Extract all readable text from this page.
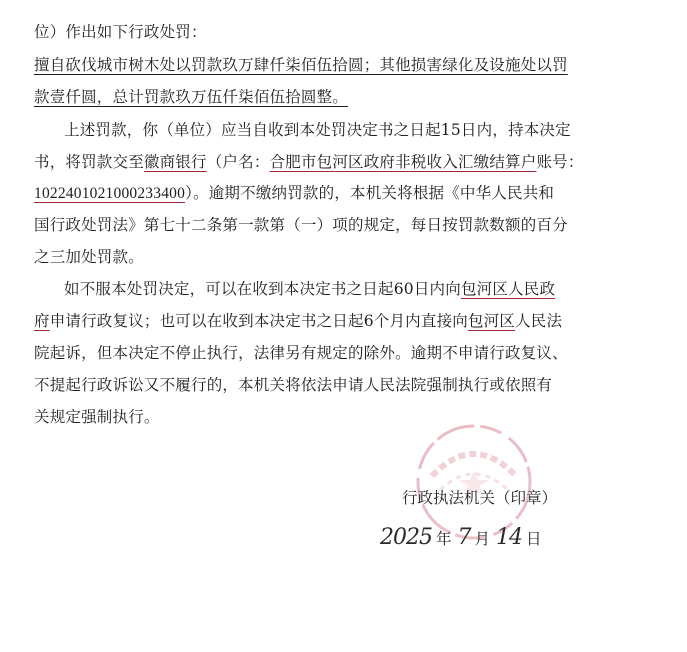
位）作出如下行政处罚：
擅自砍伐城市树木处以罚款玖万肆仟柒佰伍拾圆；其他损害绿化及设施处以罚
款壹仟圆，总计罚款玖万伍仟柒佰伍拾圆整。
上述罚款，你（单位）应当自收到本处罚决定书之日起15日内，持本决定
书，将罚款交至徽商银行（户名：合肥市包河区政府非税收入汇缴结算户账号：
1022401021000233400）。逾期不缴纳罚款的，本机关将根据《中华人民共和
国行政处罚法》第七十二条第一款第（一）项的规定，每日按罚款数额的百分
之三加处罚款。
如不服本处罚决定，可以在收到本决定书之日起60日内向包河区人民政
府申请行政复议；也可以在收到本决定书之日起6个月内直接向包河区人民法
院起诉，但本决定不停止执行，法律另有规定的除外。逾期不申请行政复议、
不提起行政诉讼又不履行的，本机关将依法申请人民法院强制执行或依照有
关规定强制执行。
行政执法机关（印章）
2025 年 7 月 14 日
